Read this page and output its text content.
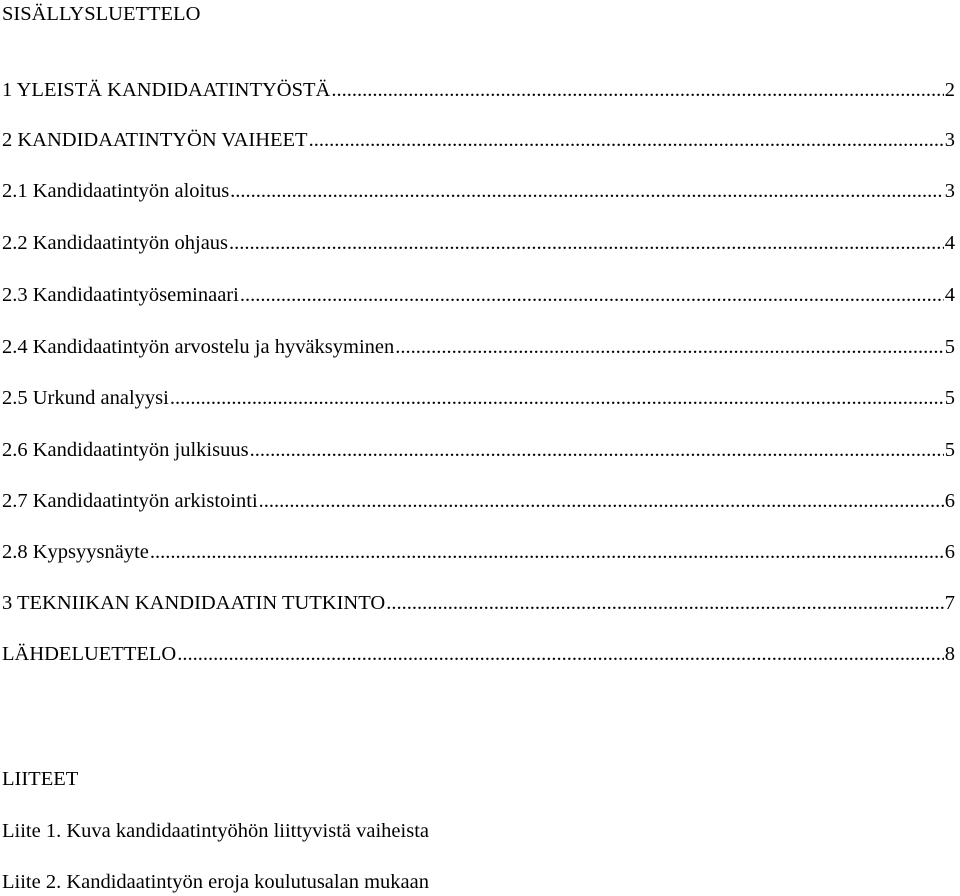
SISÄLLYSLUETTELO
1 YLEISTÄ KANDIDAATINTYÖSTÄ .....	2
2 KANDIDAATINTYÖN VAIHEET .....	3
2.1 Kandidaatintyön aloitus .....	3
2.2 Kandidaatintyön ohjaus .....	4
2.3 Kandidaatintyöseminaari .....	4
2.4 Kandidaatintyön arvostelu ja hyväksyminen .....	5
2.5 Urkund analyysi .....	5
2.6 Kandidaatintyön julkisuus .....	5
2.7 Kandidaatintyön arkistointi .....	6
2.8 Kypsyysnäyte .....	6
3 TEKNIIKAN KANDIDAATIN TUTKINTO .....	7
LÄHDELUETTELO .....	8
LIITEET
Liite 1. Kuva kandidaatintyöhön liittyvistä vaiheista
Liite 2. Kandidaatintyön eroja koulutusalan mukaan
